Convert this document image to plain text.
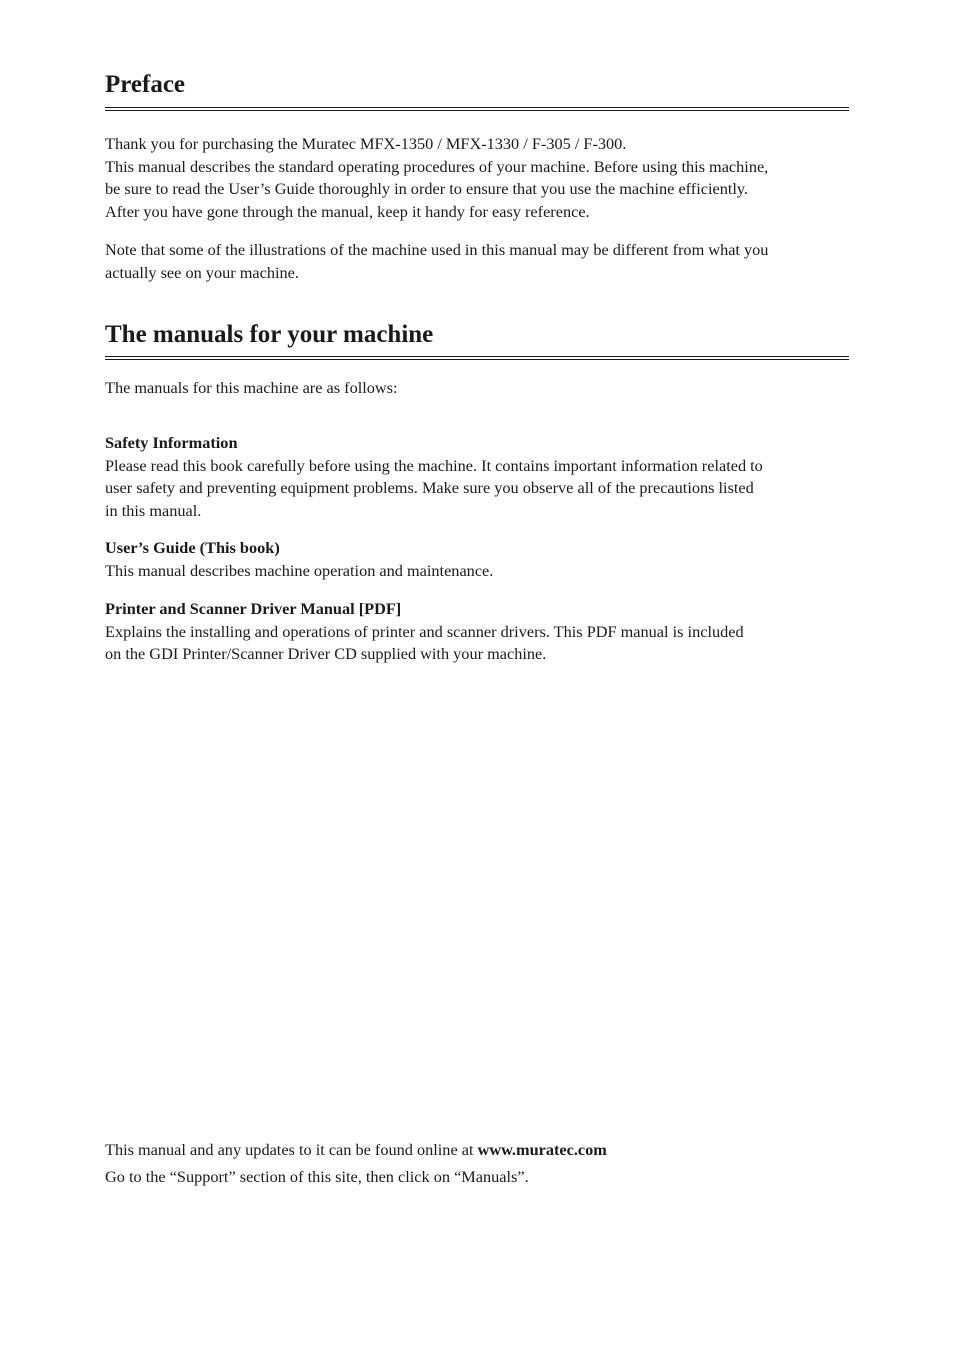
Preface

Thank you for purchasing the Muratec MFX-1350 / MFX-1330 / F-305 / F-300.
This manual describes the standard operating procedures of your machine. Before using this machine,
be sure to read the User’s Guide thoroughly in order to ensure that you use the machine efficiently.
After you have gone through the manual, keep it handy for easy reference.

Note that some of the illustrations of the machine used in this manual may be different from what you
actually see on your machine.

The manuals for your machine

The manuals for this machine are as follows:

Safety Information
Please read this book carefully before using the machine. It contains important information related to
user safety and preventing equipment problems. Make sure you observe all of the precautions listed
in this manual.

User’s Guide (This book)
This manual describes machine operation and maintenance.

Printer and Scanner Driver Manual [PDF]
Explains the installing and operations of printer and scanner drivers. This PDF manual is included
on the GDI Printer/Scanner Driver CD supplied with your machine.

This manual and any updates to it can be found online at www.muratec.com
Go to the “Support” section of this site, then click on “Manuals”.
